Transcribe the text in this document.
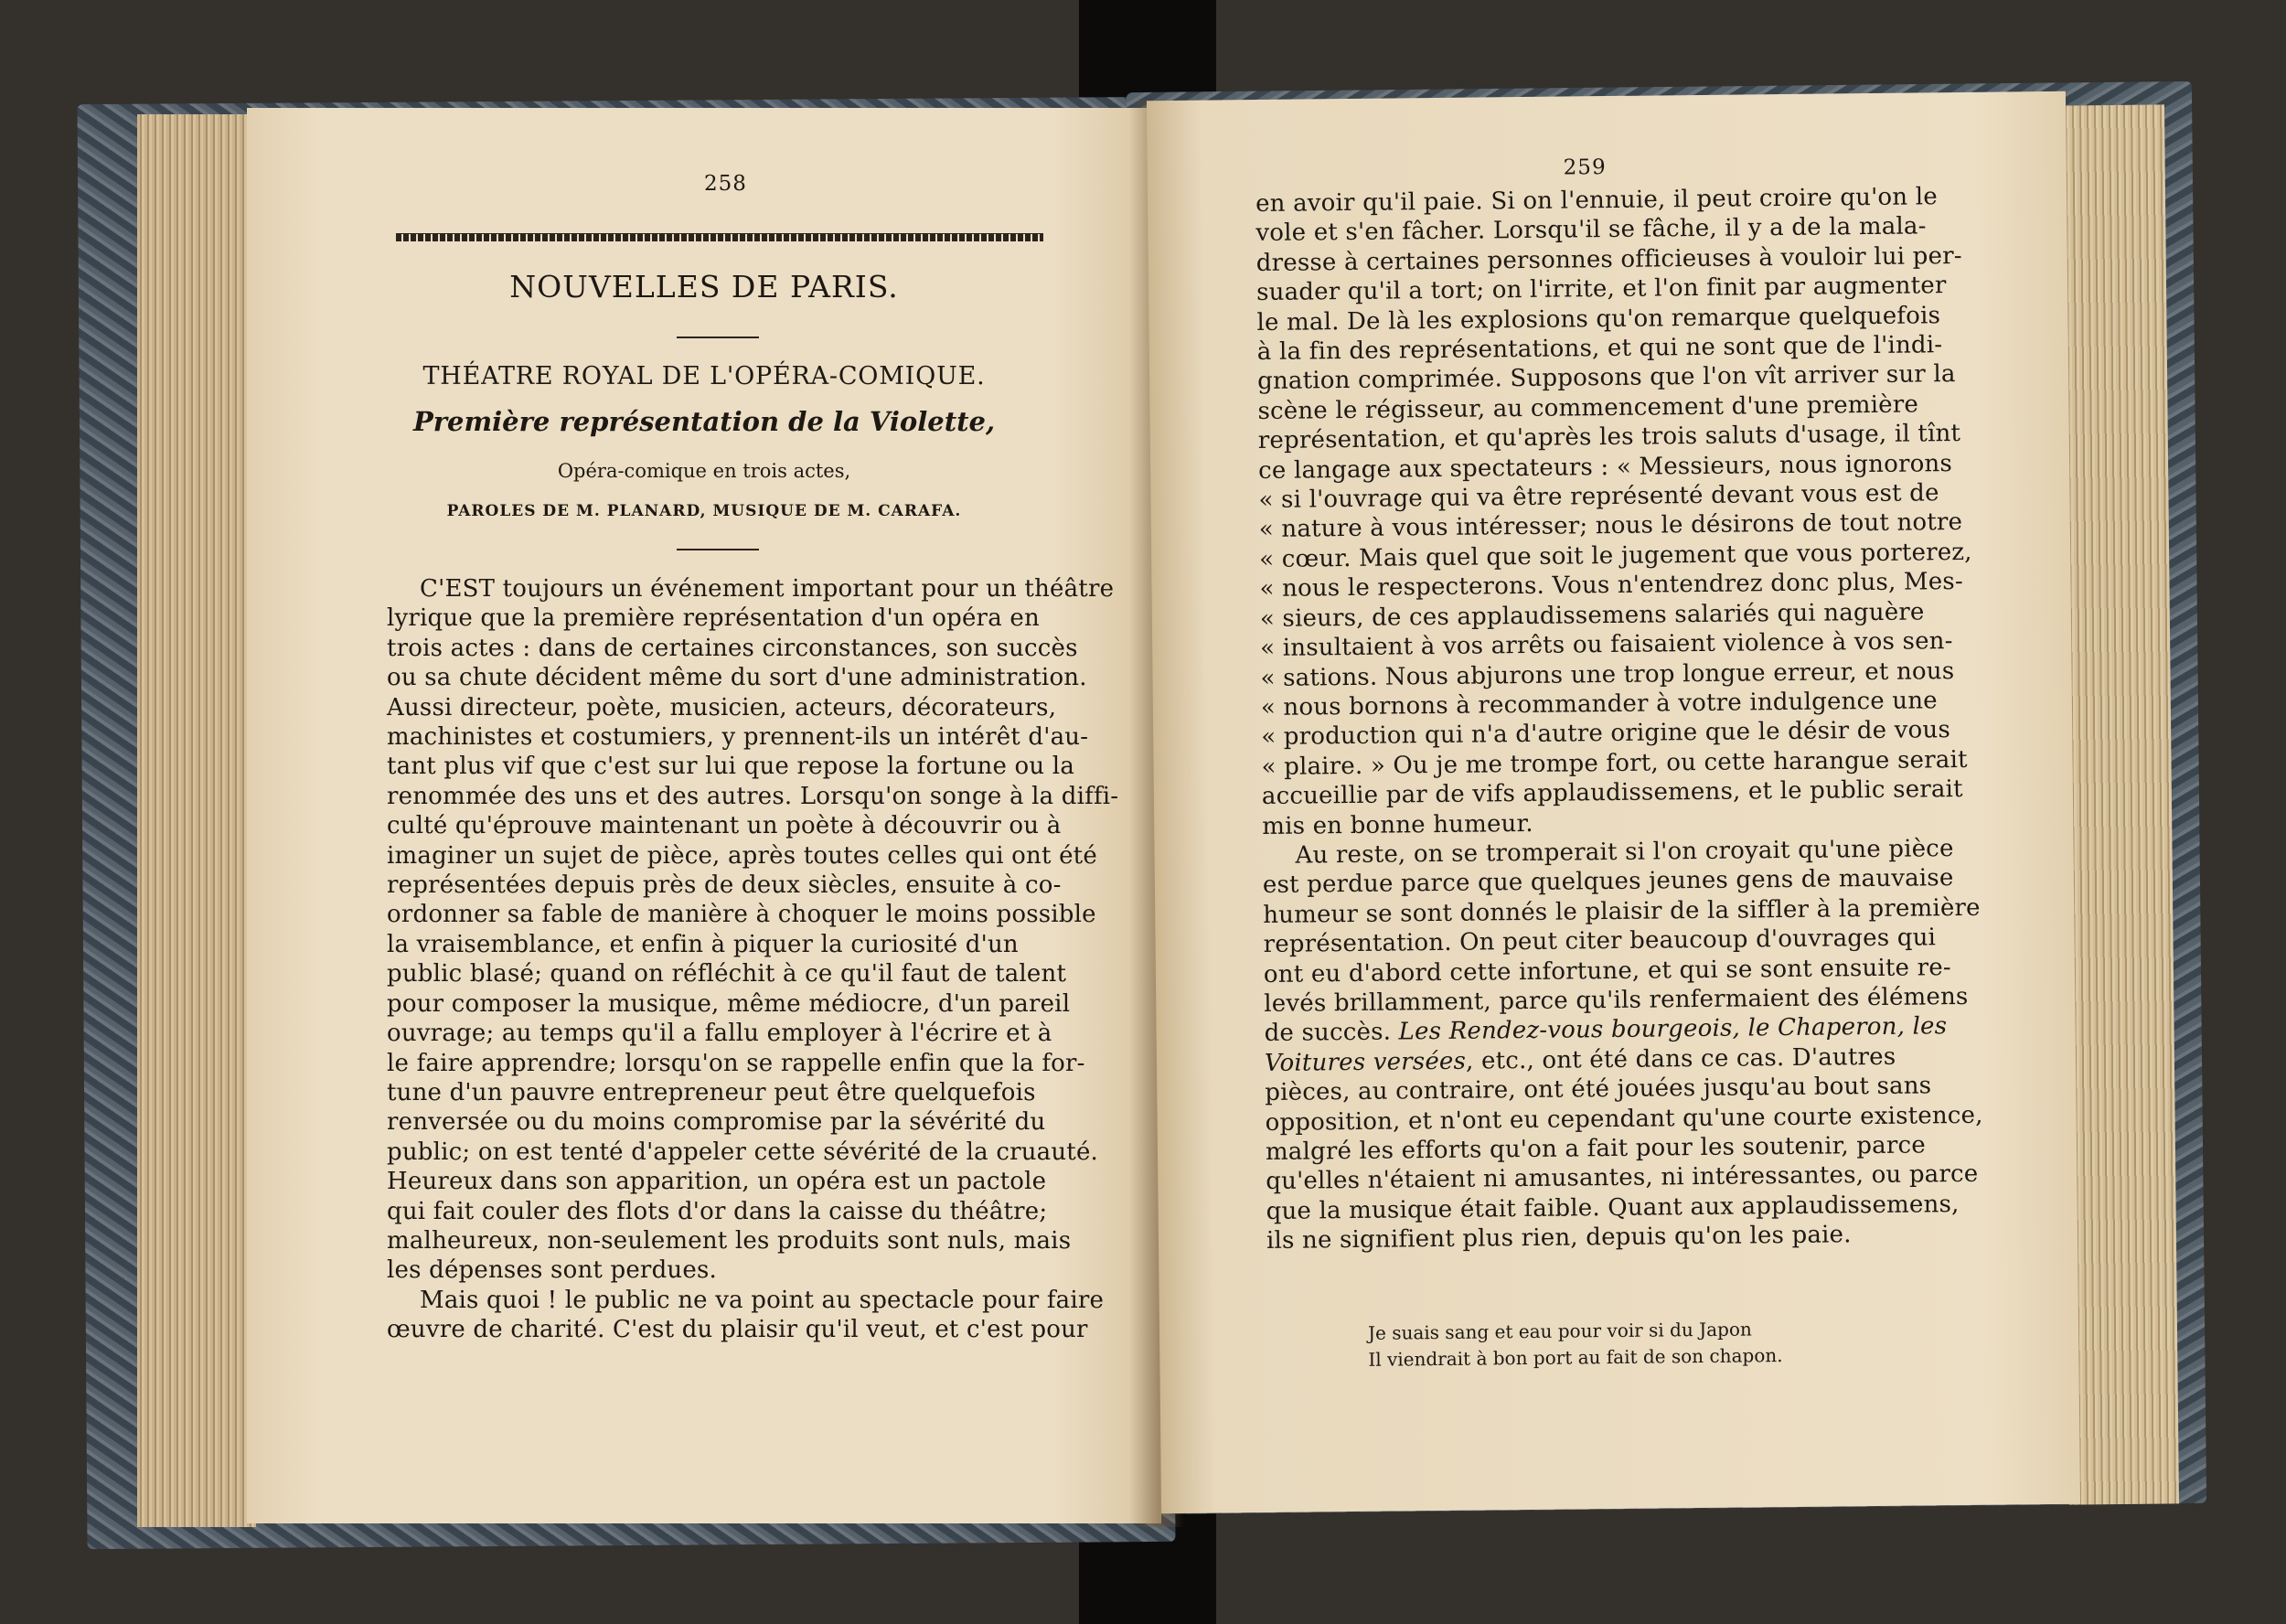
258
NOUVELLES DE PARIS.
THÉATRE ROYAL DE L'OPÉRA-COMIQUE.
Première représentation de la Violette,
Opéra-comique en trois actes,
PAROLES DE M. PLANARD, MUSIQUE DE M. CARAFA.
C'EST toujours un événement important pour un théâtre
lyrique que la première représentation d'un opéra en
trois actes : dans de certaines circonstances, son succès
ou sa chute décident même du sort d'une administration.
Aussi directeur, poète, musicien, acteurs, décorateurs,
machinistes et costumiers, y prennent-ils un intérêt d'au-
tant plus vif que c'est sur lui que repose la fortune ou la
renommée des uns et des autres. Lorsqu'on songe à la diffi-
culté qu'éprouve maintenant un poète à découvrir ou à
imaginer un sujet de pièce, après toutes celles qui ont été
représentées depuis près de deux siècles, ensuite à co-
ordonner sa fable de manière à choquer le moins possible
la vraisemblance, et enfin à piquer la curiosité d'un
public blasé; quand on réfléchit à ce qu'il faut de talent
pour composer la musique, même médiocre, d'un pareil
ouvrage; au temps qu'il a fallu employer à l'écrire et à
le faire apprendre; lorsqu'on se rappelle enfin que la for-
tune d'un pauvre entrepreneur peut être quelquefois
renversée ou du moins compromise par la sévérité du
public; on est tenté d'appeler cette sévérité de la cruauté.
Heureux dans son apparition, un opéra est un pactole
qui fait couler des flots d'or dans la caisse du théâtre;
malheureux, non-seulement les produits sont nuls, mais
les dépenses sont perdues.
Mais quoi ! le public ne va point au spectacle pour faire
œuvre de charité. C'est du plaisir qu'il veut, et c'est pour
259
en avoir qu'il paie. Si on l'ennuie, il peut croire qu'on le
vole et s'en fâcher. Lorsqu'il se fâche, il y a de la mala-
dresse à certaines personnes officieuses à vouloir lui per-
suader qu'il a tort; on l'irrite, et l'on finit par augmenter
le mal. De là les explosions qu'on remarque quelquefois
à la fin des représentations, et qui ne sont que de l'indi-
gnation comprimée. Supposons que l'on vît arriver sur la
scène le régisseur, au commencement d'une première
représentation, et qu'après les trois saluts d'usage, il tînt
ce langage aux spectateurs : « Messieurs, nous ignorons
« si l'ouvrage qui va être représenté devant vous est de
« nature à vous intéresser; nous le désirons de tout notre
« cœur. Mais quel que soit le jugement que vous porterez,
« nous le respecterons. Vous n'entendrez donc plus, Mes-
« sieurs, de ces applaudissemens salariés qui naguère
« insultaient à vos arrêts ou faisaient violence à vos sen-
« sations. Nous abjurons une trop longue erreur, et nous
« nous bornons à recommander à votre indulgence une
« production qui n'a d'autre origine que le désir de vous
« plaire. » Ou je me trompe fort, ou cette harangue serait
accueillie par de vifs applaudissemens, et le public serait
mis en bonne humeur.
Au reste, on se tromperait si l'on croyait qu'une pièce
est perdue parce que quelques jeunes gens de mauvaise
humeur se sont donnés le plaisir de la siffler à la première
représentation. On peut citer beaucoup d'ouvrages qui
ont eu d'abord cette infortune, et qui se sont ensuite re-
levés brillamment, parce qu'ils renfermaient des élémens
de succès. Les Rendez-vous bourgeois, le Chaperon, les
Voitures versées, etc., ont été dans ce cas. D'autres
pièces, au contraire, ont été jouées jusqu'au bout sans
opposition, et n'ont eu cependant qu'une courte existence,
malgré les efforts qu'on a fait pour les soutenir, parce
qu'elles n'étaient ni amusantes, ni intéressantes, ou parce
que la musique était faible. Quant aux applaudissemens,
ils ne signifient plus rien, depuis qu'on les paie.
Je suais sang et eau pour voir si du Japon
Il viendrait à bon port au fait de son chapon.
